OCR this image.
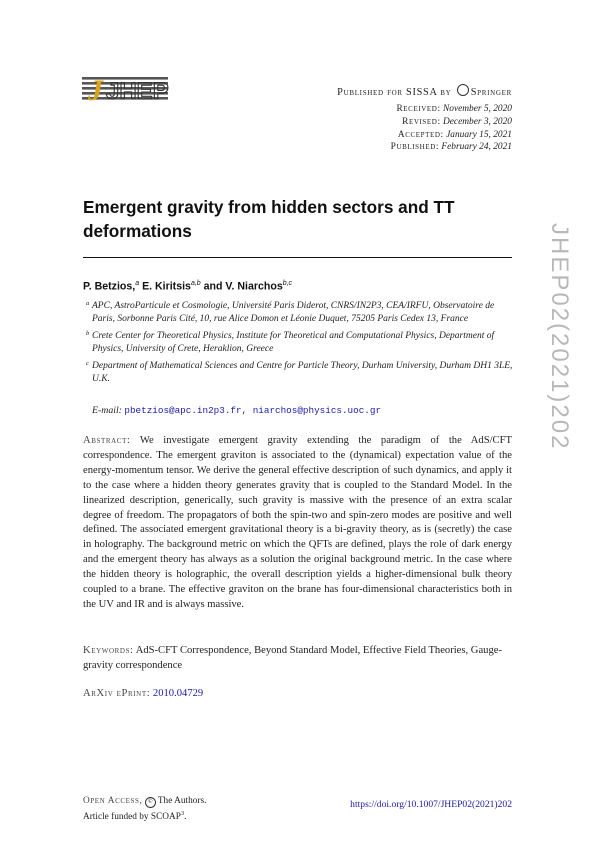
J JHEP	Published for SISSA by Springer
Received: November 5, 2020
Revised: December 3, 2020
Accepted: January 15, 2021
Published: February 24, 2021
JHEP02(2021)202
Emergent gravity from hidden sectors and TT deformations
P. Betzios,$^a$ E. Kiritsis$^{a,b}$ and V. Niarchos$^{b,c}$
a APC, AstroParticule et Cosmologie, Université Paris Diderot, CNRS/IN2P3, CEA/IRFU, Observatoire de Paris, Sorbonne Paris Cité, 10, rue Alice Domon et Léonie Duquet, 75205 Paris Cedex 13, France
b Crete Center for Theoretical Physics, Institute for Theoretical and Computational Physics, Department of Physics, University of Crete, Heraklion, Greece
c Department of Mathematical Sciences and Centre for Particle Theory, Durham University, Durham DH1 3LE, U.K.
E-mail: pbetzios@apc.in2p3.fr, niarchos@physics.uoc.gr
Abstract: We investigate emergent gravity extending the paradigm of the AdS/CFT correspondence. The emergent graviton is associated to the (dynamical) expectation value of the energy-momentum tensor. We derive the general effective description of such dynamics, and apply it to the case where a hidden theory generates gravity that is coupled to the Standard Model. In the linearized description, generically, such gravity is massive with the presence of an extra scalar degree of freedom. The propagators of both the spin-two and spin-zero modes are positive and well defined. The associated emergent gravitational theory is a bi-gravity theory, as is (secretly) the case in holography. The background metric on which the QFTs are defined, plays the role of dark energy and the emergent theory has always as a solution the original background metric. In the case where the hidden theory is holographic, the overall description yields a higher-dimensional bulk theory coupled to a brane. The effective graviton on the brane has four-dimensional characteristics both in the UV and IR and is always massive.
Keywords: AdS-CFT Correspondence, Beyond Standard Model, Effective Field Theories, Gauge-gravity correspondence
ArXiv ePrint: 2010.04729
Open Access, © The Authors.
Article funded by SCOAP$^3$.
https://doi.org/10.1007/JHEP02(2021)202
